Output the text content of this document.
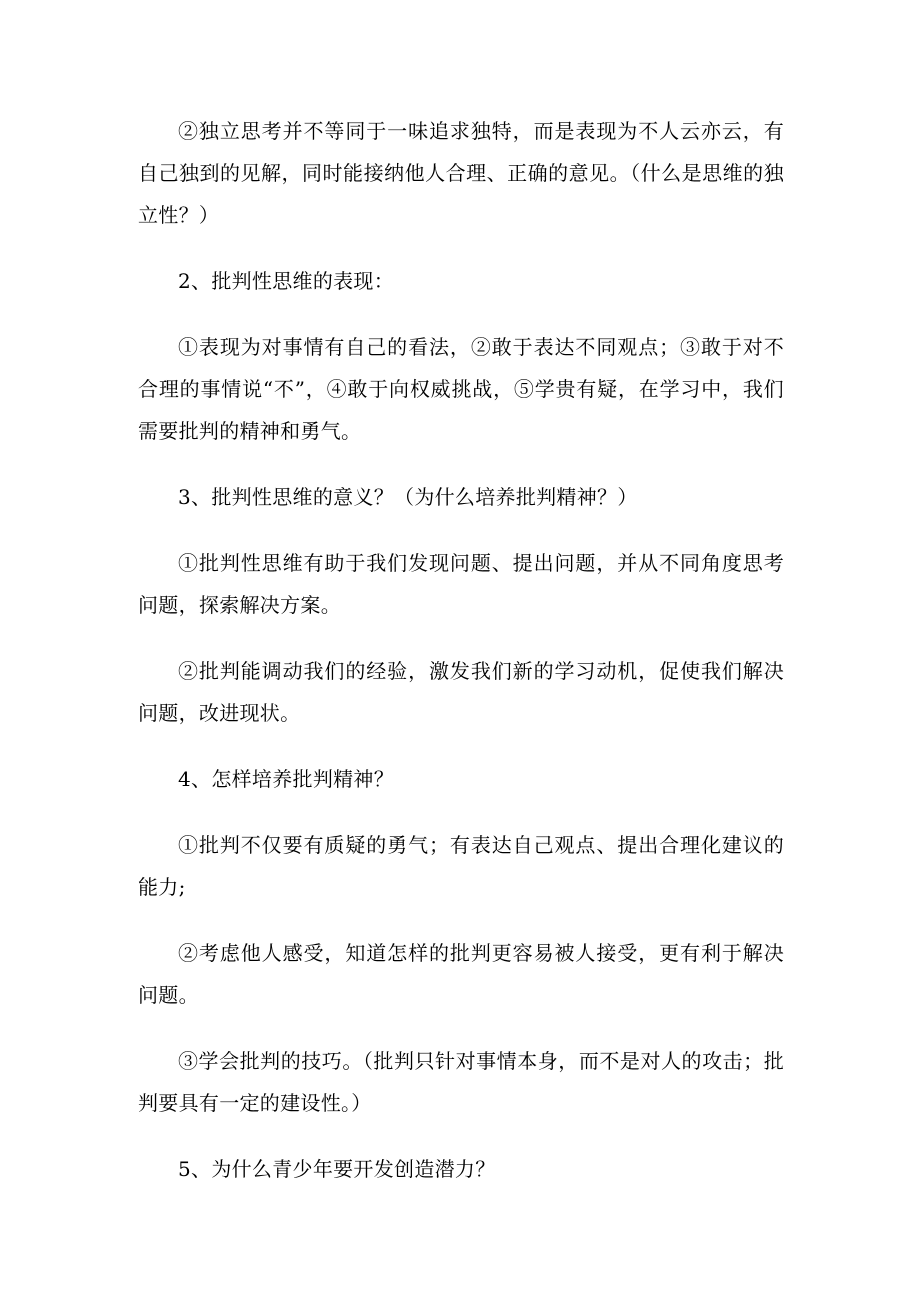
②独立思考并不等同于一味追求独特，而是表现为不人云亦云，有自己独到的见解，同时能接纳他人合理、正确的意见。（什么是思维的独立性？）

2、批判性思维的表现：

①表现为对事情有自己的看法，②敢于表达不同观点；③敢于对不合理的事情说“不”，④敢于向权威挑战，⑤学贵有疑，在学习中，我们需要批判的精神和勇气。

3、批判性思维的意义？（为什么培养批判精神？）

①批判性思维有助于我们发现问题、提出问题，并从不同角度思考问题，探索解决方案。

②批判能调动我们的经验，激发我们新的学习动机，促使我们解决问题，改进现状。

4、怎样培养批判精神？

①批判不仅要有质疑的勇气；有表达自己观点、提出合理化建议的能力;

②考虑他人感受，知道怎样的批判更容易被人接受，更有利于解决问题。

③学会批判的技巧。（批判只针对事情本身，而不是对人的攻击；批判要具有一定的建设性。）

5、为什么青少年要开发创造潜力？
